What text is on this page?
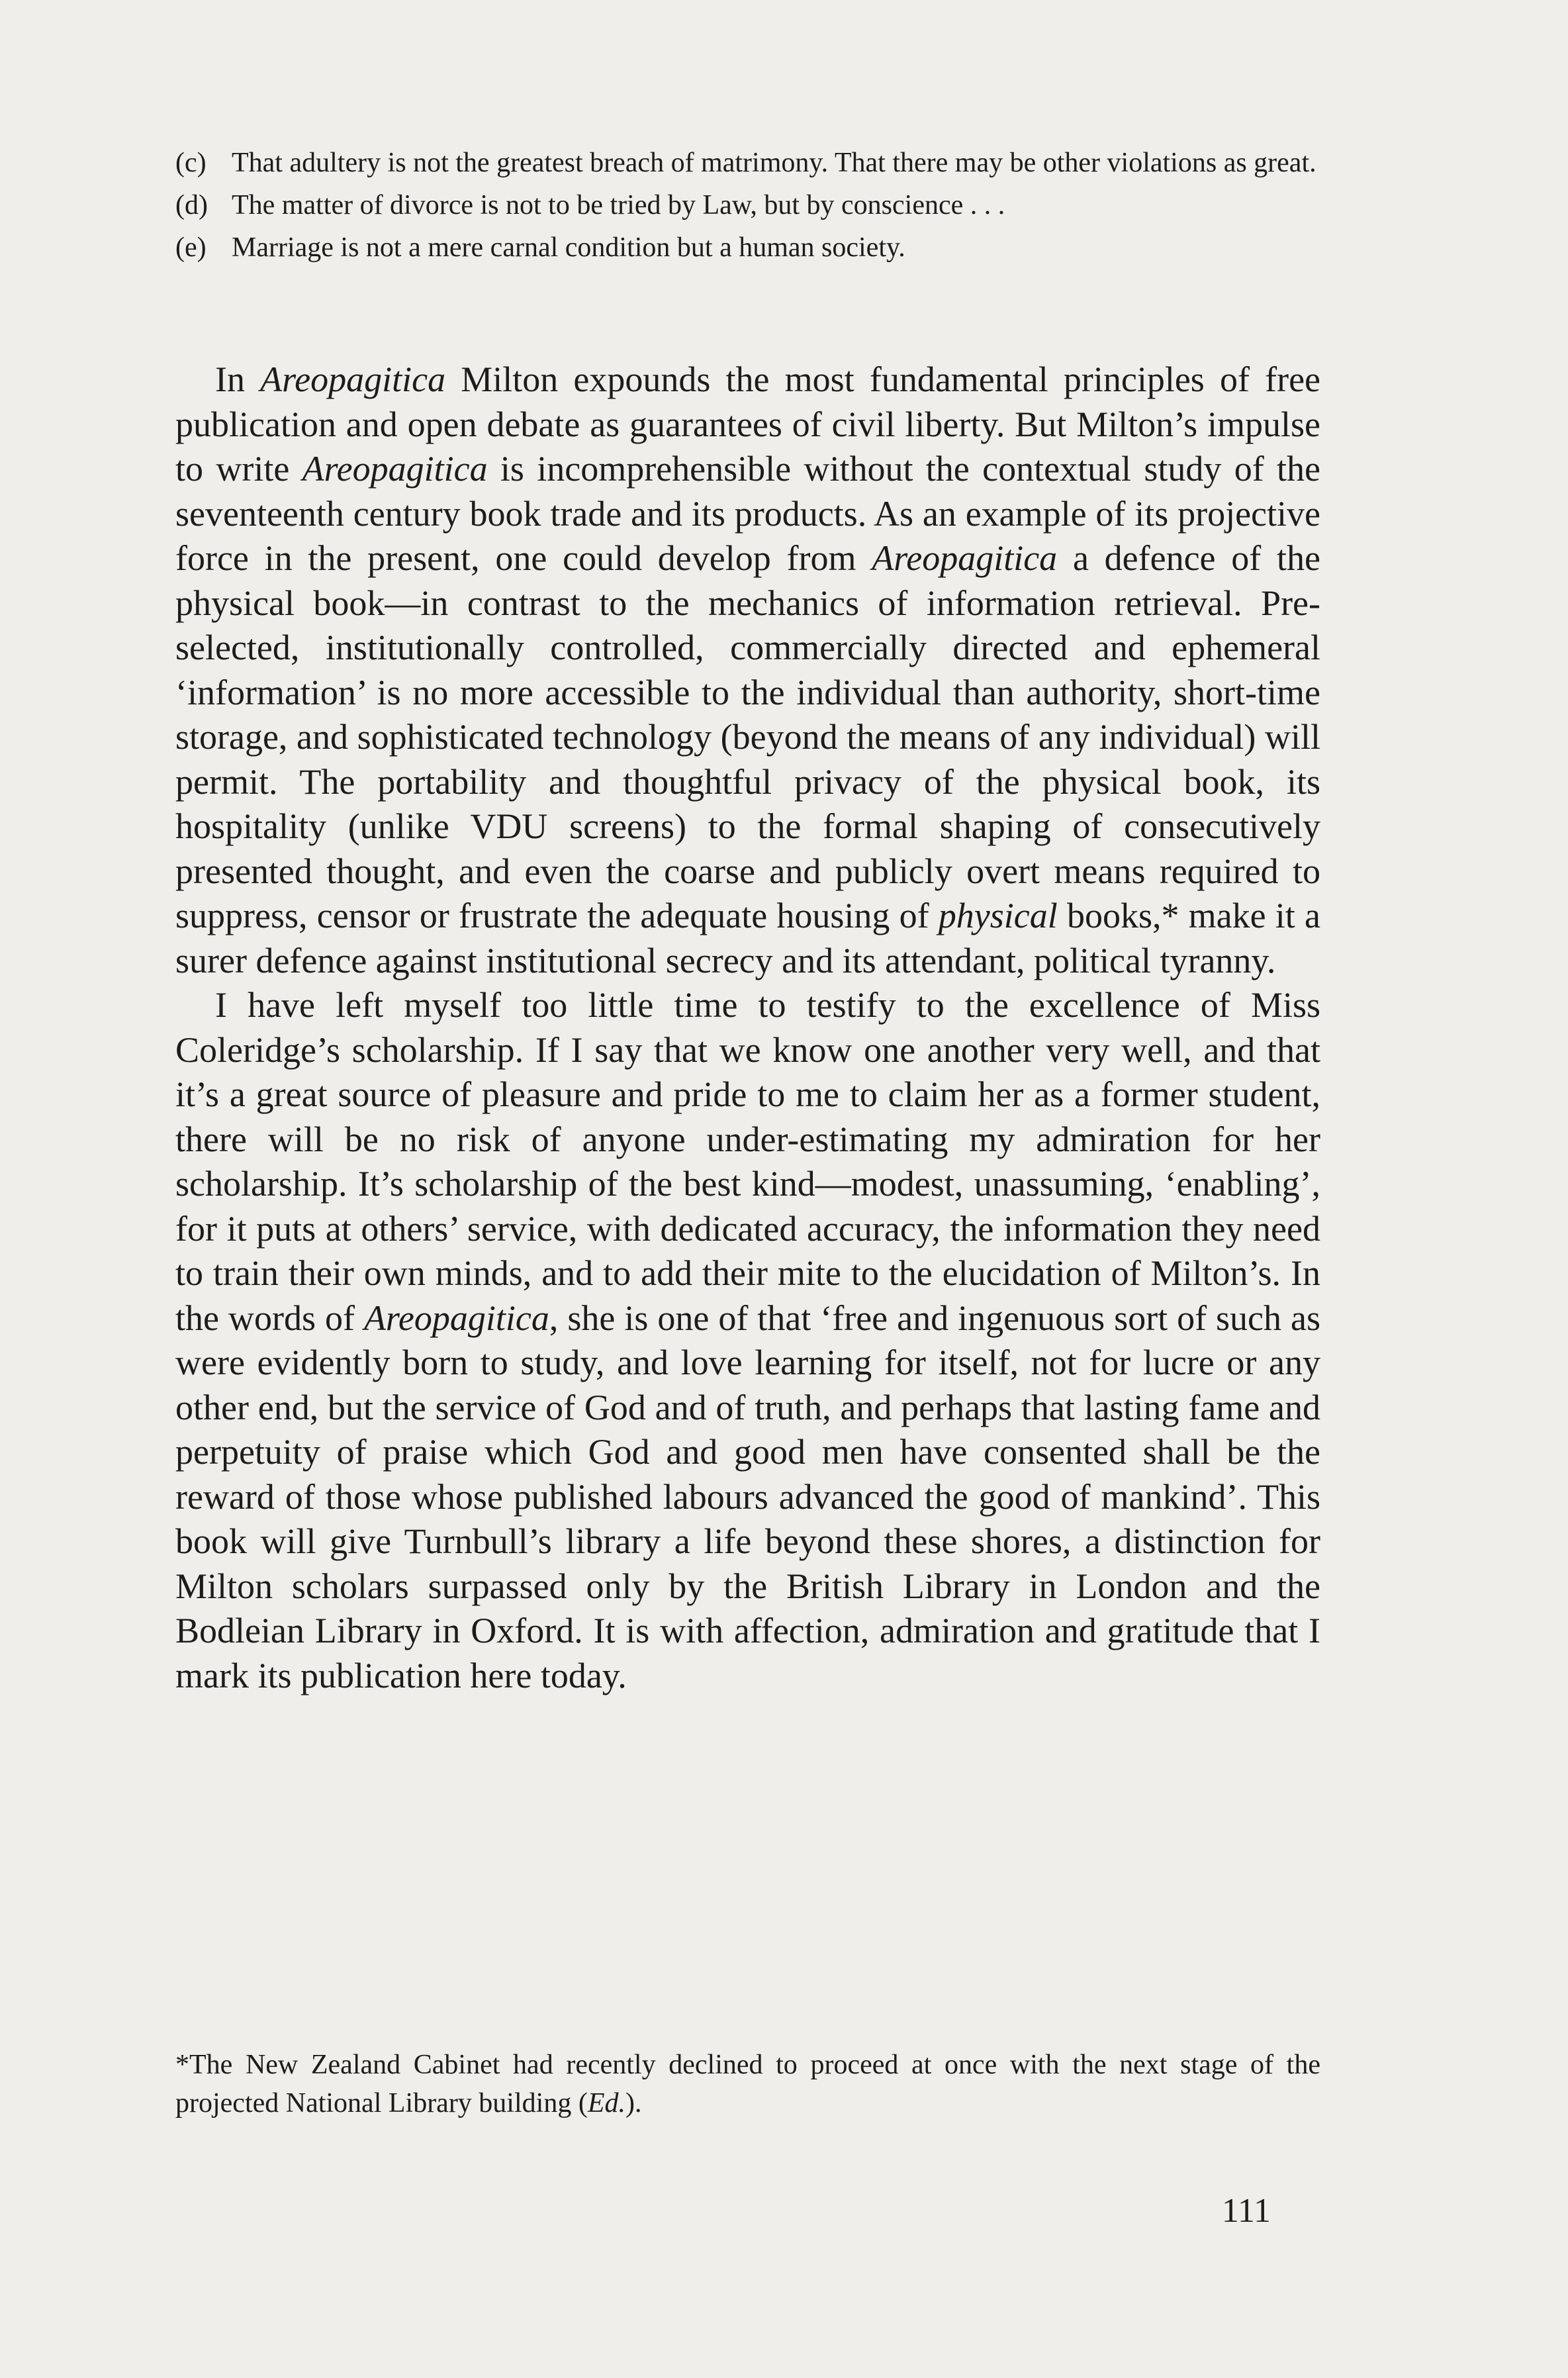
(c) That adultery is not the greatest breach of matrimony. That there may be other violations as great.
(d) The matter of divorce is not to be tried by Law, but by conscience . . .
(e) Marriage is not a mere carnal condition but a human society.

In Areopagitica Milton expounds the most fundamental principles of free publication and open debate as guarantees of civil liberty. But Milton’s impulse to write Areopagitica is incomprehensible without the contextual study of the seventeenth century book trade and its products. As an example of its projective force in the present, one could develop from Areopagitica a defence of the physical book—in contrast to the mechanics of information retrieval. Pre-selected, institutionally controlled, commercially directed and ephemeral ‘information’ is no more accessible to the individual than authority, short-time storage, and sophisticated technology (beyond the means of any individual) will permit. The portability and thoughtful privacy of the physical book, its hospitality (unlike VDU screens) to the formal shaping of consecutively presented thought, and even the coarse and publicly overt means required to suppress, censor or frustrate the adequate housing of physical books,* make it a surer defence against institutional secrecy and its attendant, political tyranny.

I have left myself too little time to testify to the excellence of Miss Coleridge’s scholarship. If I say that we know one another very well, and that it’s a great source of pleasure and pride to me to claim her as a former student, there will be no risk of anyone under-estimating my admiration for her scholarship. It’s scholarship of the best kind—modest, unassuming, ‘enabling’, for it puts at others’ service, with dedicated accuracy, the information they need to train their own minds, and to add their mite to the elucidation of Milton’s. In the words of Areopagitica, she is one of that ‘free and ingenuous sort of such as were evidently born to study, and love learning for itself, not for lucre or any other end, but the service of God and of truth, and perhaps that lasting fame and perpetuity of praise which God and good men have consented shall be the reward of those whose published labours advanced the good of mankind’. This book will give Turnbull’s library a life beyond these shores, a distinction for Milton scholars surpassed only by the British Library in London and the Bodleian Library in Oxford. It is with affection, admiration and gratitude that I mark its publication here today.

*The New Zealand Cabinet had recently declined to proceed at once with the next stage of the projected National Library building (Ed.).
111
